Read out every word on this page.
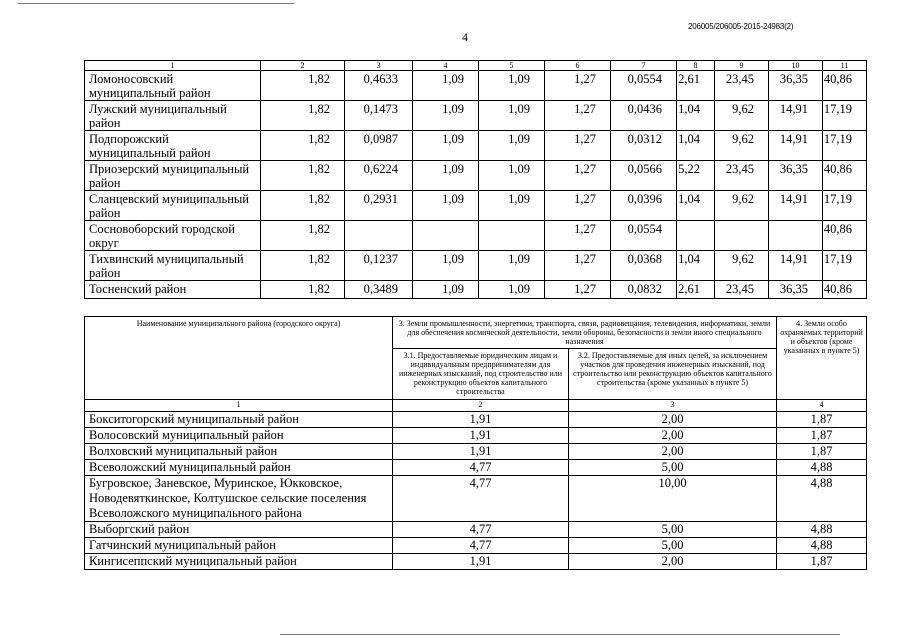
4
206005/206005-2015-24983(2)
1	2	3	4	5	6	7	8	9	10	11
Ломоносовский муниципальный район	1,82	0,4633	1,09	1,09	1,27	0,0554	2,61	23,45	36,35	40,86
Лужский муниципальный район	1,82	0,1473	1,09	1,09	1,27	0,0436	1,04	9,62	14,91	17,19
Подпорожский муниципальный район	1,82	0,0987	1,09	1,09	1,27	0,0312	1,04	9,62	14,91	17,19
Приозерский муниципальный район	1,82	0,6224	1,09	1,09	1,27	0,0566	5,22	23,45	36,35	40,86
Сланцевский муниципальный район	1,82	0,2931	1,09	1,09	1,27	0,0396	1,04	9,62	14,91	17,19
Сосновоборский городской округ	1,82				1,27	0,0554				40,86
Тихвинский муниципальный район	1,82	0,1237	1,09	1,09	1,27	0,0368	1,04	9,62	14,91	17,19
Тосненский район	1,82	0,3489	1,09	1,09	1,27	0,0832	2,61	23,45	36,35	40,86
Наименование муниципального района (городского округа)	3. Земли промышленности, энергетики, транспорта, связи, радиовещания, телевидения, информатики, земли для обеспечения космической деятельности, земли обороны, безопасности и земли иного специального назначения		4. Земли особо охраняемых территорий и объектов (кроме указанных в пункте 5)
	3.1. Предоставляемые юридическим лицам и индивидуальным предпринимателям для инженерных изысканий, под строительство или реконструкцию объектов капитального строительства	3.2. Предоставляемые для иных целей, за исключением участков для проведения инженерных изысканий, под строительство или реконструкцию объектов капитального строительства (кроме указанных в пункте 5)	
1	2	3	4
Бокситогорский муниципальный район	1,91	2,00	1,87
Волосовский муниципальный район	1,91	2,00	1,87
Волховский муниципальный район	1,91	2,00	1,87
Всеволожский муниципальный район	4,77	5,00	4,88
Бугровское, Заневское, Муринское, Юкковское, Новодевяткинское, Колтушское сельские поселения Всеволожского муниципального района	4,77	10,00	4,88
Выборгский район	4,77	5,00	4,88
Гатчинский муниципальный район	4,77	5,00	4,88
Кингисеппский муниципальный район	1,91	2,00	1,87
